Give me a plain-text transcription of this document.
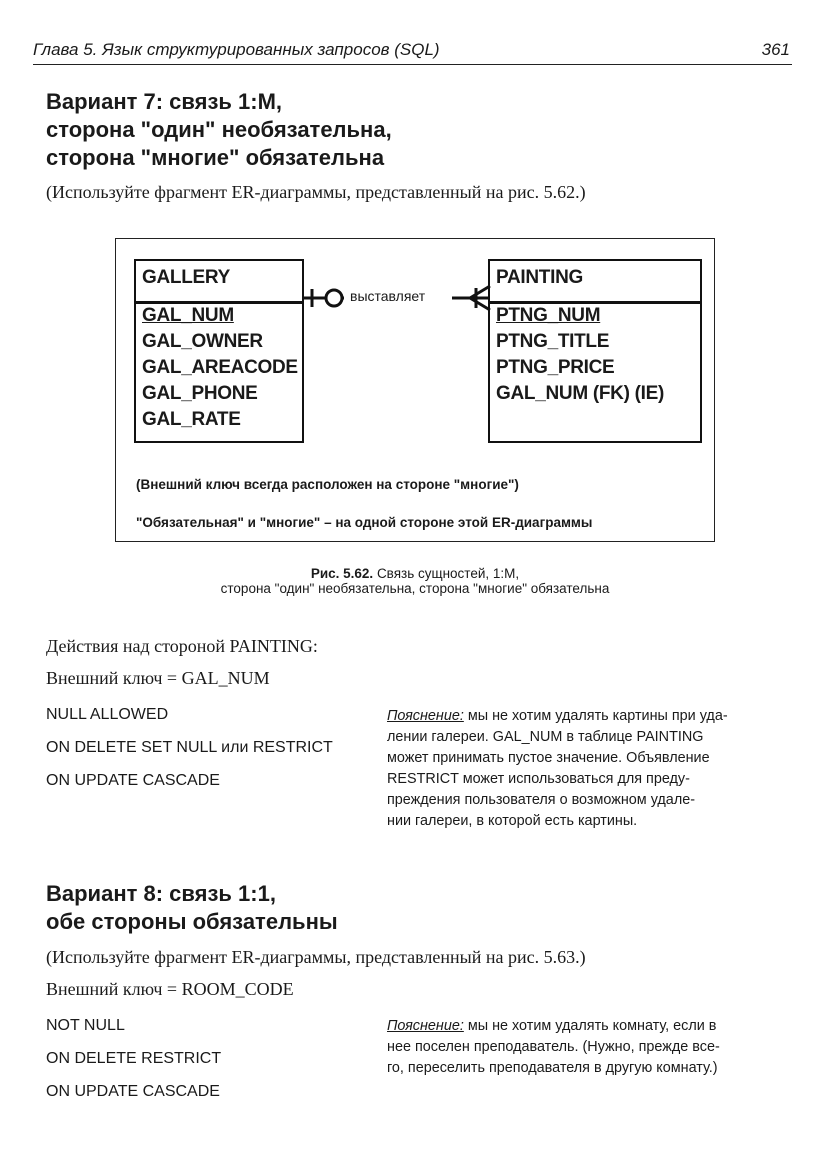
Глава 5. Язык структурированных запросов (SQL)	361
Вариант 7: связь 1:М,
сторона "один" необязательна,
сторона "многие" обязательна
(Используйте фрагмент ER-диаграммы, представленный на рис. 5.62.)
GALLERY
GAL_NUM
GAL_OWNER
GAL_AREACODE
GAL_PHONE
GAL_RATE
PAINTING
PTNG_NUM
PTNG_TITLE
PTNG_PRICE
GAL_NUM (FK) (IE)
выставляет
(Внешний ключ всегда расположен на стороне "многие")
"Обязательная" и "многие" – на одной стороне этой ER-диаграммы
Рис. 5.62. Связь сущностей, 1:М,
сторона "один" необязательна, сторона "многие" обязательна
Действия над стороной PAINTING:
Внешний ключ = GAL_NUM
NULL ALLOWED
ON DELETE SET NULL или RESTRICT
ON UPDATE CASCADE
Пояснение: мы не хотим удалять картины при уда-
лении галереи. GAL_NUM в таблице PAINTING
может принимать пустое значение. Объявление
RESTRICT может использоваться для преду-
преждения пользователя о возможном удале-
нии галереи, в которой есть картины.
Вариант 8: связь 1:1,
обе стороны обязательны
(Используйте фрагмент ER-диаграммы, представленный на рис. 5.63.)
Внешний ключ = ROOM_CODE
NOT NULL
ON DELETE RESTRICT
ON UPDATE CASCADE
Пояснение: мы не хотим удалять комнату, если в
нее поселен преподаватель. (Нужно, прежде все-
го, переселить преподавателя в другую комнату.)
